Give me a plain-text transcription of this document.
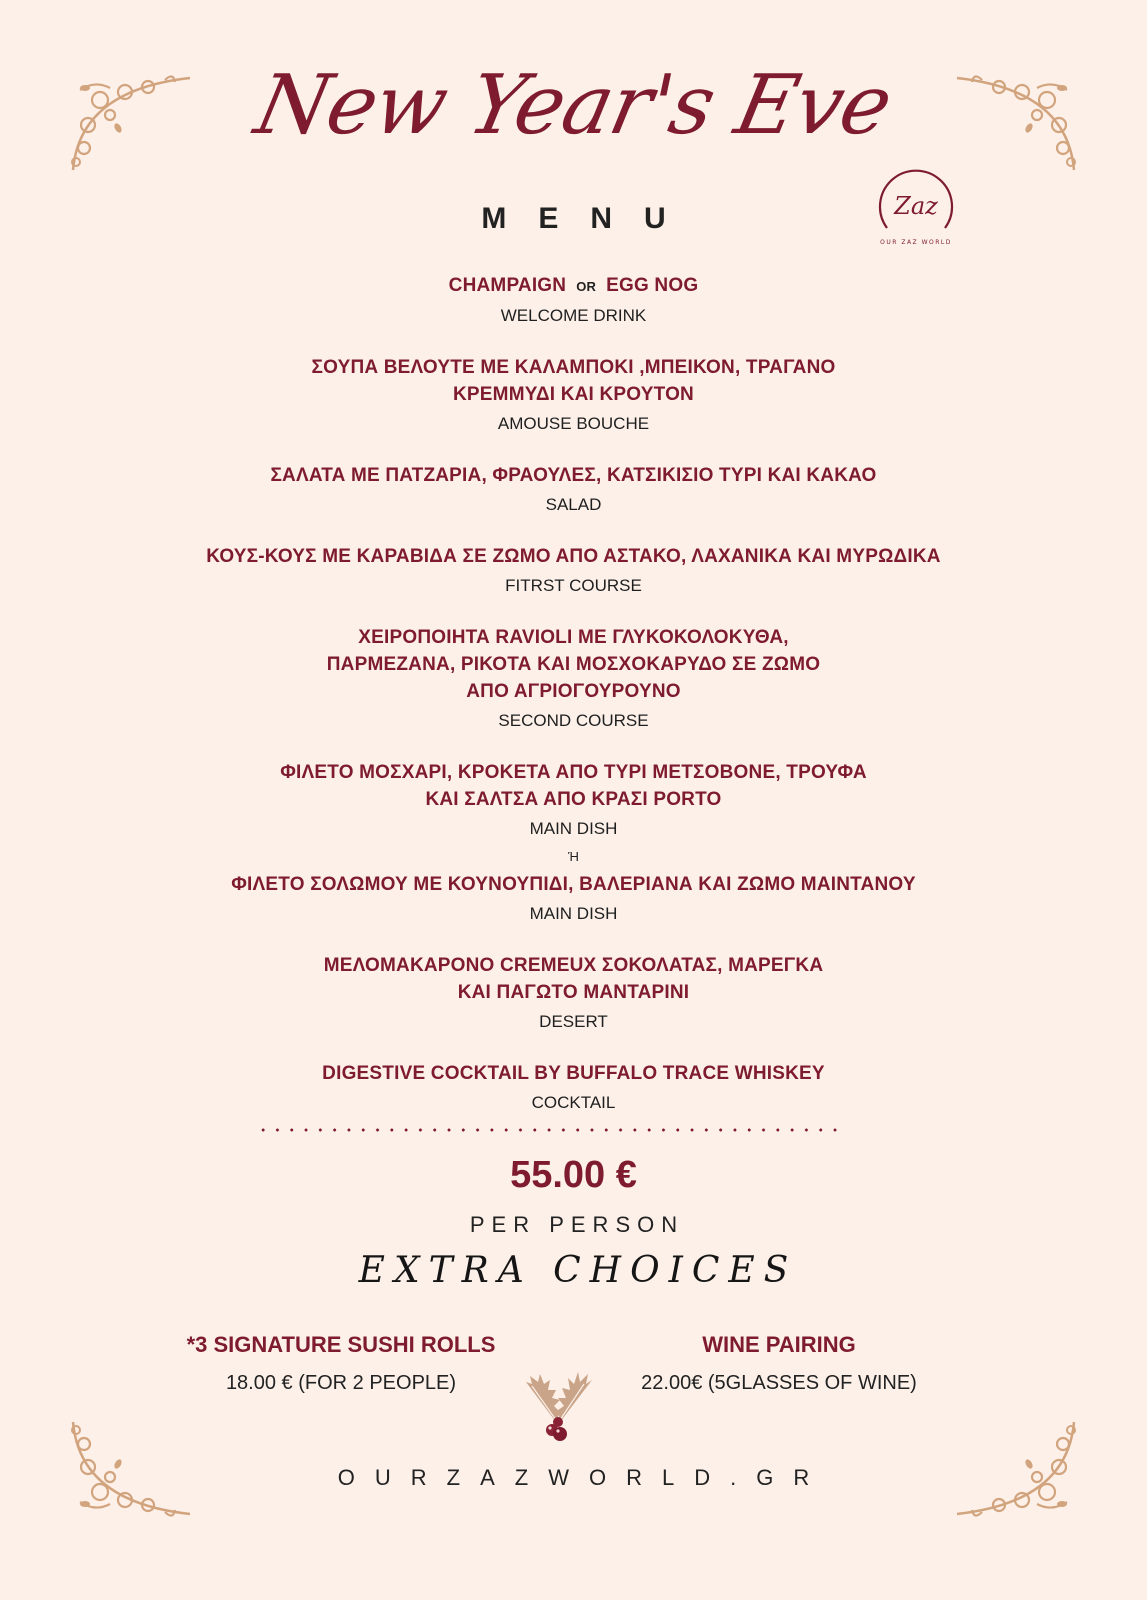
New Year's Eve
MENU	Zaz
OUR ZAZ WORLD
CHAMPAIGN OR EGG NOG
WELCOME DRINK
ΣΟΥΠΑ ΒΕΛΟΥΤΕ ΜΕ ΚΑΛΑΜΠΟΚΙ ,ΜΠΕΙΚΟΝ, ΤΡΑΓΑΝΟ
ΚΡΕΜΜΥΔΙ ΚΑΙ ΚΡΟΥΤΟΝ
AMOUSE BOUCHE
ΣΑΛΑΤΑ ΜΕ ΠΑΤΖΑΡΙΑ, ΦΡΑΟΥΛΕΣ, ΚΑΤΣΙΚΙΣΙΟ ΤΥΡΙ ΚΑΙ ΚΑΚΑΟ
SALAD
ΚΟΥΣ-ΚΟΥΣ ΜΕ ΚΑΡΑΒΙΔΑ ΣΕ ΖΩΜΟ ΑΠΟ ΑΣΤΑΚΟ, ΛΑΧΑΝΙΚΑ ΚΑΙ ΜΥΡΩΔΙΚΑ
FITRST COURSE
ΧΕΙΡΟΠΟΙΗΤΑ RAVIOLI ΜΕ ΓΛΥΚΟΚΟΛΟΚΥΘΑ,
ΠΑΡΜΕΖΑΝΑ, ΡΙΚΟΤΑ ΚΑΙ ΜΟΣΧΟΚΑΡΥΔΟ ΣΕ ΖΩΜΟ
ΑΠΟ ΑΓΡΙΟΓΟΥΡΟΥΝΟ
SECOND COURSE
ΦΙΛΕΤΟ ΜΟΣΧΑΡΙ, ΚΡΟΚΕΤΑ ΑΠΟ ΤΥΡΙ ΜΕΤΣΟΒΟΝΕ, ΤΡΟΥΦΑ
ΚΑΙ ΣΑΛΤΣΑ ΑΠΟ ΚΡΑΣΙ PORTO
MAIN DISH
Ή
ΦΙΛΕΤΟ ΣΟΛΩΜΟΥ ΜΕ ΚΟΥΝΟΥΠΙΔΙ, ΒΑΛΕΡΙΑΝΑ ΚΑΙ ΖΩΜΟ ΜΑΙΝΤΑΝΟΥ
MAIN DISH
ΜΕΛΟΜΑΚΑΡΟΝΟ CREMEUX ΣΟΚΟΛΑΤΑΣ, ΜΑΡΕΓΚΑ
ΚΑΙ ΠΑΓΩΤΟ ΜΑΝΤΑΡΙΝΙ
DESERT
DIGESTIVE COCKTAIL BY BUFFALO TRACE WHISKEY
COCKTAIL
55.00 €
PER PERSON
EXTRA CHOICES
*3 SIGNATURE SUSHI ROLLS
18.00 € (FOR 2 PEOPLE)
WINE PAIRING
22.00€ (5GLASSES OF WINE)
OURZAZWORLD.GR
